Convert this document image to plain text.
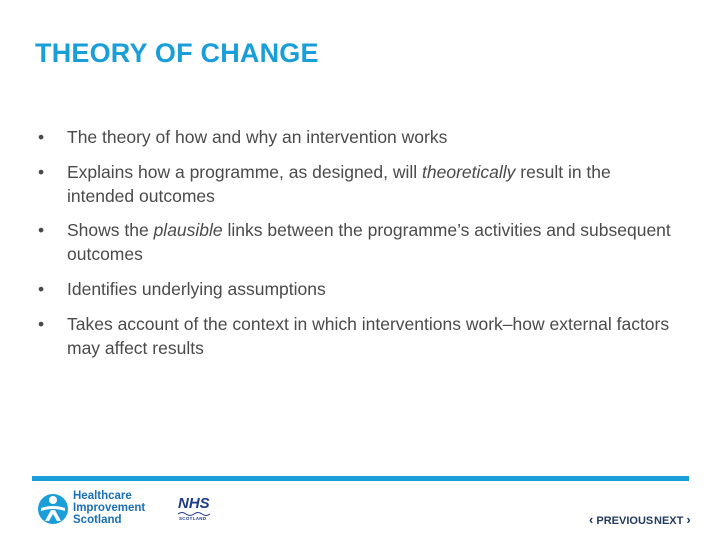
THEORY OF CHANGE
•	The theory of how and why an intervention works
•	Explains how a programme, as designed, will theoretically result in the intended outcomes
•	Shows the plausible links between the programme’s activities and subsequent outcomes
•	Identifies underlying assumptions
•	Takes account of the context in which interventions work–how external factors may affect results
Healthcare
Improvement
Scotland
NHS
SCOTLAND	‹ PREVIOUS NEXT ›
